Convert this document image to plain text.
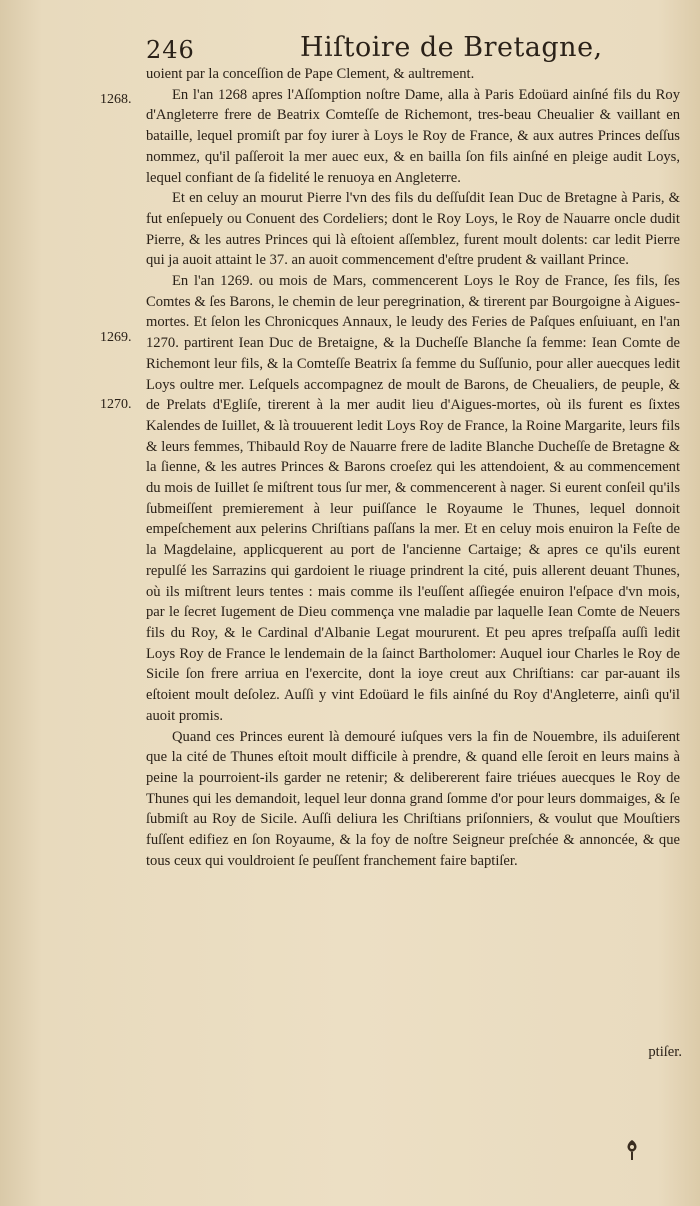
246	Hiſtoire de Bretagne,
1268.
1269.
1270.

uoient par la conceſſion de Pape Clement, & aultrement.

En l'an 1268 apres l'Aſſomption noſtre Dame, alla à Paris Edoüard ainſné fils du Roy d'Angleterre frere de Beatrix Comteſſe de Richemont, tres-beau Cheualier & vaillant en bataille, lequel promiſt par foy iurer à Loys le Roy de France, & aux autres Princes deſſus nommez, qu'il paſſeroit la mer auec eux, & en bailla ſon fils ainſné en pleige audit Loys, lequel confiant de ſa fidelité le renuoya en Angleterre.

Et en celuy an mourut Pierre l'vn des fils du deſſuſdit Iean Duc de Bretagne à Paris, & fut enſepuely ou Conuent des Cordeliers; dont le Roy Loys, le Roy de Nauarre oncle dudit Pierre, & les autres Princes qui là eſtoient aſſemblez, furent moult dolents: car ledit Pierre qui ja auoit attaint le 37. an auoit commencement d'eſtre prudent & vaillant Prince.

En l'an 1269. ou mois de Mars, commencerent Loys le Roy de France, ſes fils, ſes Comtes & ſes Barons, le chemin de leur peregrination, & tirerent par Bourgoigne à Aigues-mortes. Et ſelon les Chronicques Annaux, le leudy des Feries de Paſques enſuiuant, en l'an 1270. partirent Iean Duc de Bretaigne, & la Ducheſſe Blanche ſa femme: Iean Comte de Richemont leur fils, & la Comteſſe Beatrix ſa femme du Suſſunio, pour aller auecques ledit Loys oultre mer. Leſquels accompagnez de moult de Barons, de Cheualiers, de peuple, & de Prelats d'Egliſe, tirerent à la mer audit lieu d'Aigues-mortes, où ils furent es ſixtes Kalendes de Iuillet, & là trouuerent ledit Loys Roy de France, la Roine Margarite, leurs fils & leurs femmes, Thibauld Roy de Nauarre frere de ladite Blanche Ducheſſe de Bretagne & la ſienne, & les autres Princes & Barons croeſez qui les attendoient, & au commencement du mois de Iuillet ſe miſtrent tous ſur mer, & commencerent à nager. Si eurent conſeil qu'ils ſubmeiſſent premierement à leur puiſſance le Royaume le Thunes, lequel donnoit empeſchement aux pelerins Chriſtians paſſans la mer. Et en celuy mois enuiron la Feſte de la Magdelaine, applicquerent au port de l'ancienne Cartaige; & apres ce qu'ils eurent repulſé les Sarrazins qui gardoient le riuage prindrent la cité, puis allerent deuant Thunes, où ils miſtrent leurs tentes : mais comme ils l'euſſent aſſiegée enuiron l'eſpace d'vn mois, par le ſecret Iugement de Dieu commença vne maladie par laquelle Iean Comte de Neuers fils du Roy, & le Cardinal d'Albanie Legat moururent. Et peu apres treſpaſſa auſſi ledit Loys Roy de France le lendemain de la ſainct Bartholomer: Auquel iour Charles le Roy de Sicile ſon frere arriua en l'exercite, dont la ioye creut aux Chriſtians: car par-auant ils eſtoient moult deſolez. Auſſi y vint Edoüard le fils ainſné du Roy d'Angleterre, ainſi qu'il auoit promis.

Quand ces Princes eurent là demouré iuſques vers la fin de Nouembre, ils aduiſerent que la cité de Thunes eſtoit moult difficile à prendre, & quand elle ſeroit en leurs mains à peine la pourroient-ils garder ne retenir; & delibererent faire triéues auecques le Roy de Thunes qui les demandoit, lequel leur donna grand ſomme d'or pour leurs dommaiges, & ſe ſubmiſt au Roy de Sicile. Auſſi deliura les Chriſtians priſonniers, & voulut que Mouſtiers fuſſent edifiez en ſon Royaume, & la foy de noſtre Seigneur preſchée & annoncée, & que tous ceux qui vouldroient ſe peuſſent franchement faire baptiſer.

ptiſer.
